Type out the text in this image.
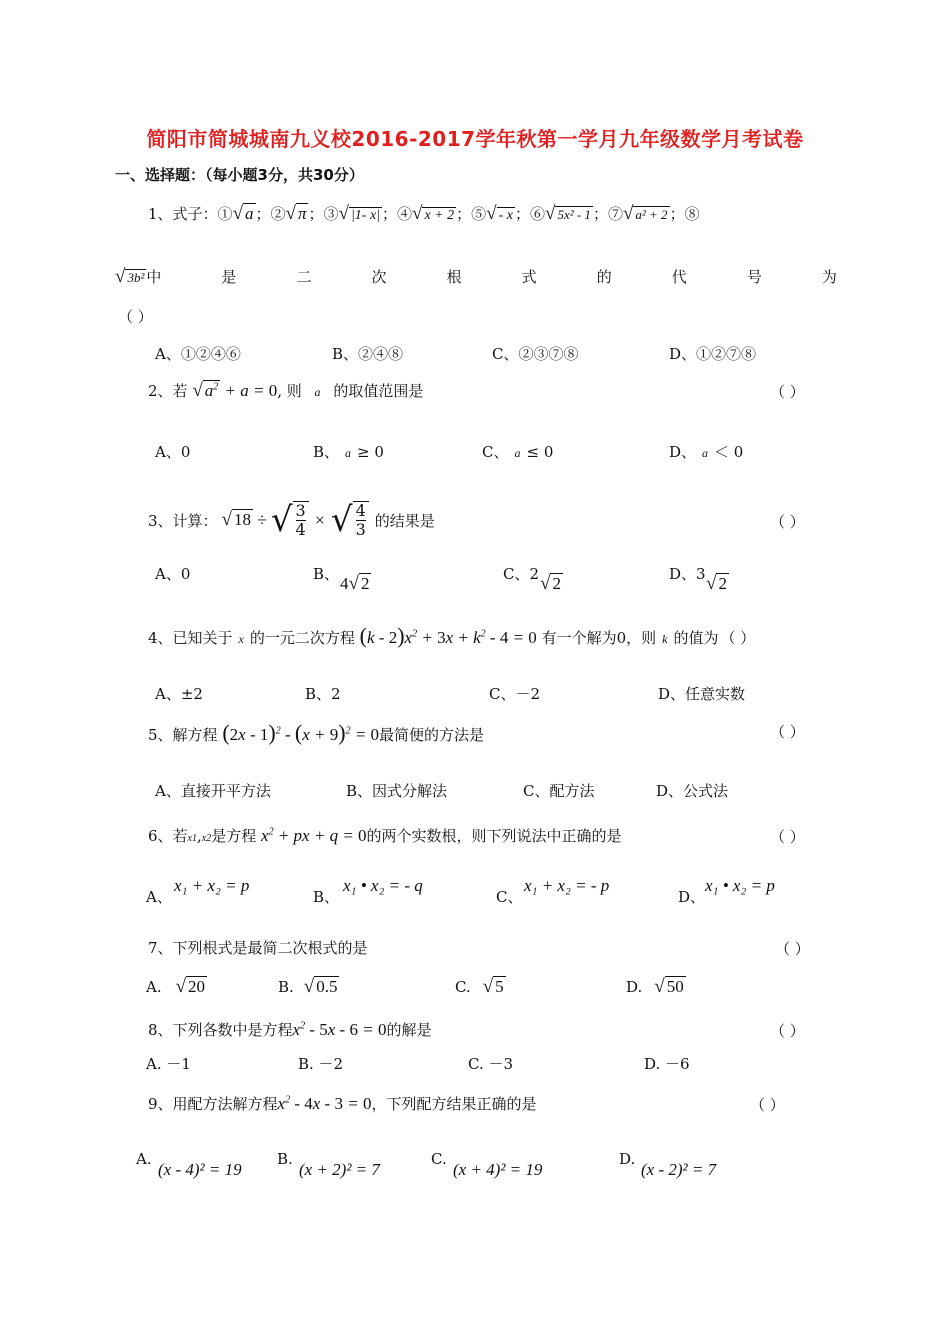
简阳市简城城南九义校2016-2017学年秋第一学月九年级数学月考试卷
一、选择题：（每小题3分，共30分）
1、式子：①√ a ；②√ π ；③√ |1- x| ；④√ x + 2 ；⑤√ - x ；⑥√ 5x² - 1 ；⑦√ a² + 2 ；⑧
√ 3b² 中	是	二	次	根	式	的	代	号	为
（ ）
A、①②④⑥	B、②④⑧	C、②③⑦⑧	D、①②⑦⑧
2、若 √ $a^2 + a = 0$, 则 a 的取值范围是	（ ）
A、0	B、 a ≥ 0	C、 a ≤ 0	D、 a ＜ 0
3、计算： √ 18 ÷ √ 3
4 × √ 4
3 的结果是	（ ）
A、0	B、 4√ 2	C、2 √ 2	D、3 √ 2
4、已知关于 x 的一元二次方程 $(k - 2)x^2 + 3x + k^2 - 4 = 0$ 有一个解为0，则 k 的值为 （ ）
A、±2	B、2	C、－2	D、任意实数
5、解方程 $(2x - 1)^2 - (x + 9)^2 = 0$最简便的方法是	（ ）
A、直接开平方法	B、因式分解法	C、配方法	D、公式法
6、若x1,x2是方程 $x^2$ + px + q = 0的两个实数根，则下列说法中正确的是	（ ）
A、
x₁ + x₂ = p
B、
x₁ • x₂ = - q
C、
x₁ + x₂ = - p
D、
x₁ • x₂ = p
7、下列根式是最简二次根式的是	（ ）
A. √ 20	B. √ 0.5	C. √ 5	D. √ 50
8、下列各数中是方程$x^2 - 5x - 6 = 0$的解是	（ ）
A. －1	B. －2	C. －3	D. －6
9、用配方法解方程$x^2 - 4x - 3 = 0$，下列配方结果正确的是	（ ）
A.
(x - 4)² = 19
B.
(x + 2)² = 7
C.
(x + 4)² = 19
D.
(x - 2)² = 7
